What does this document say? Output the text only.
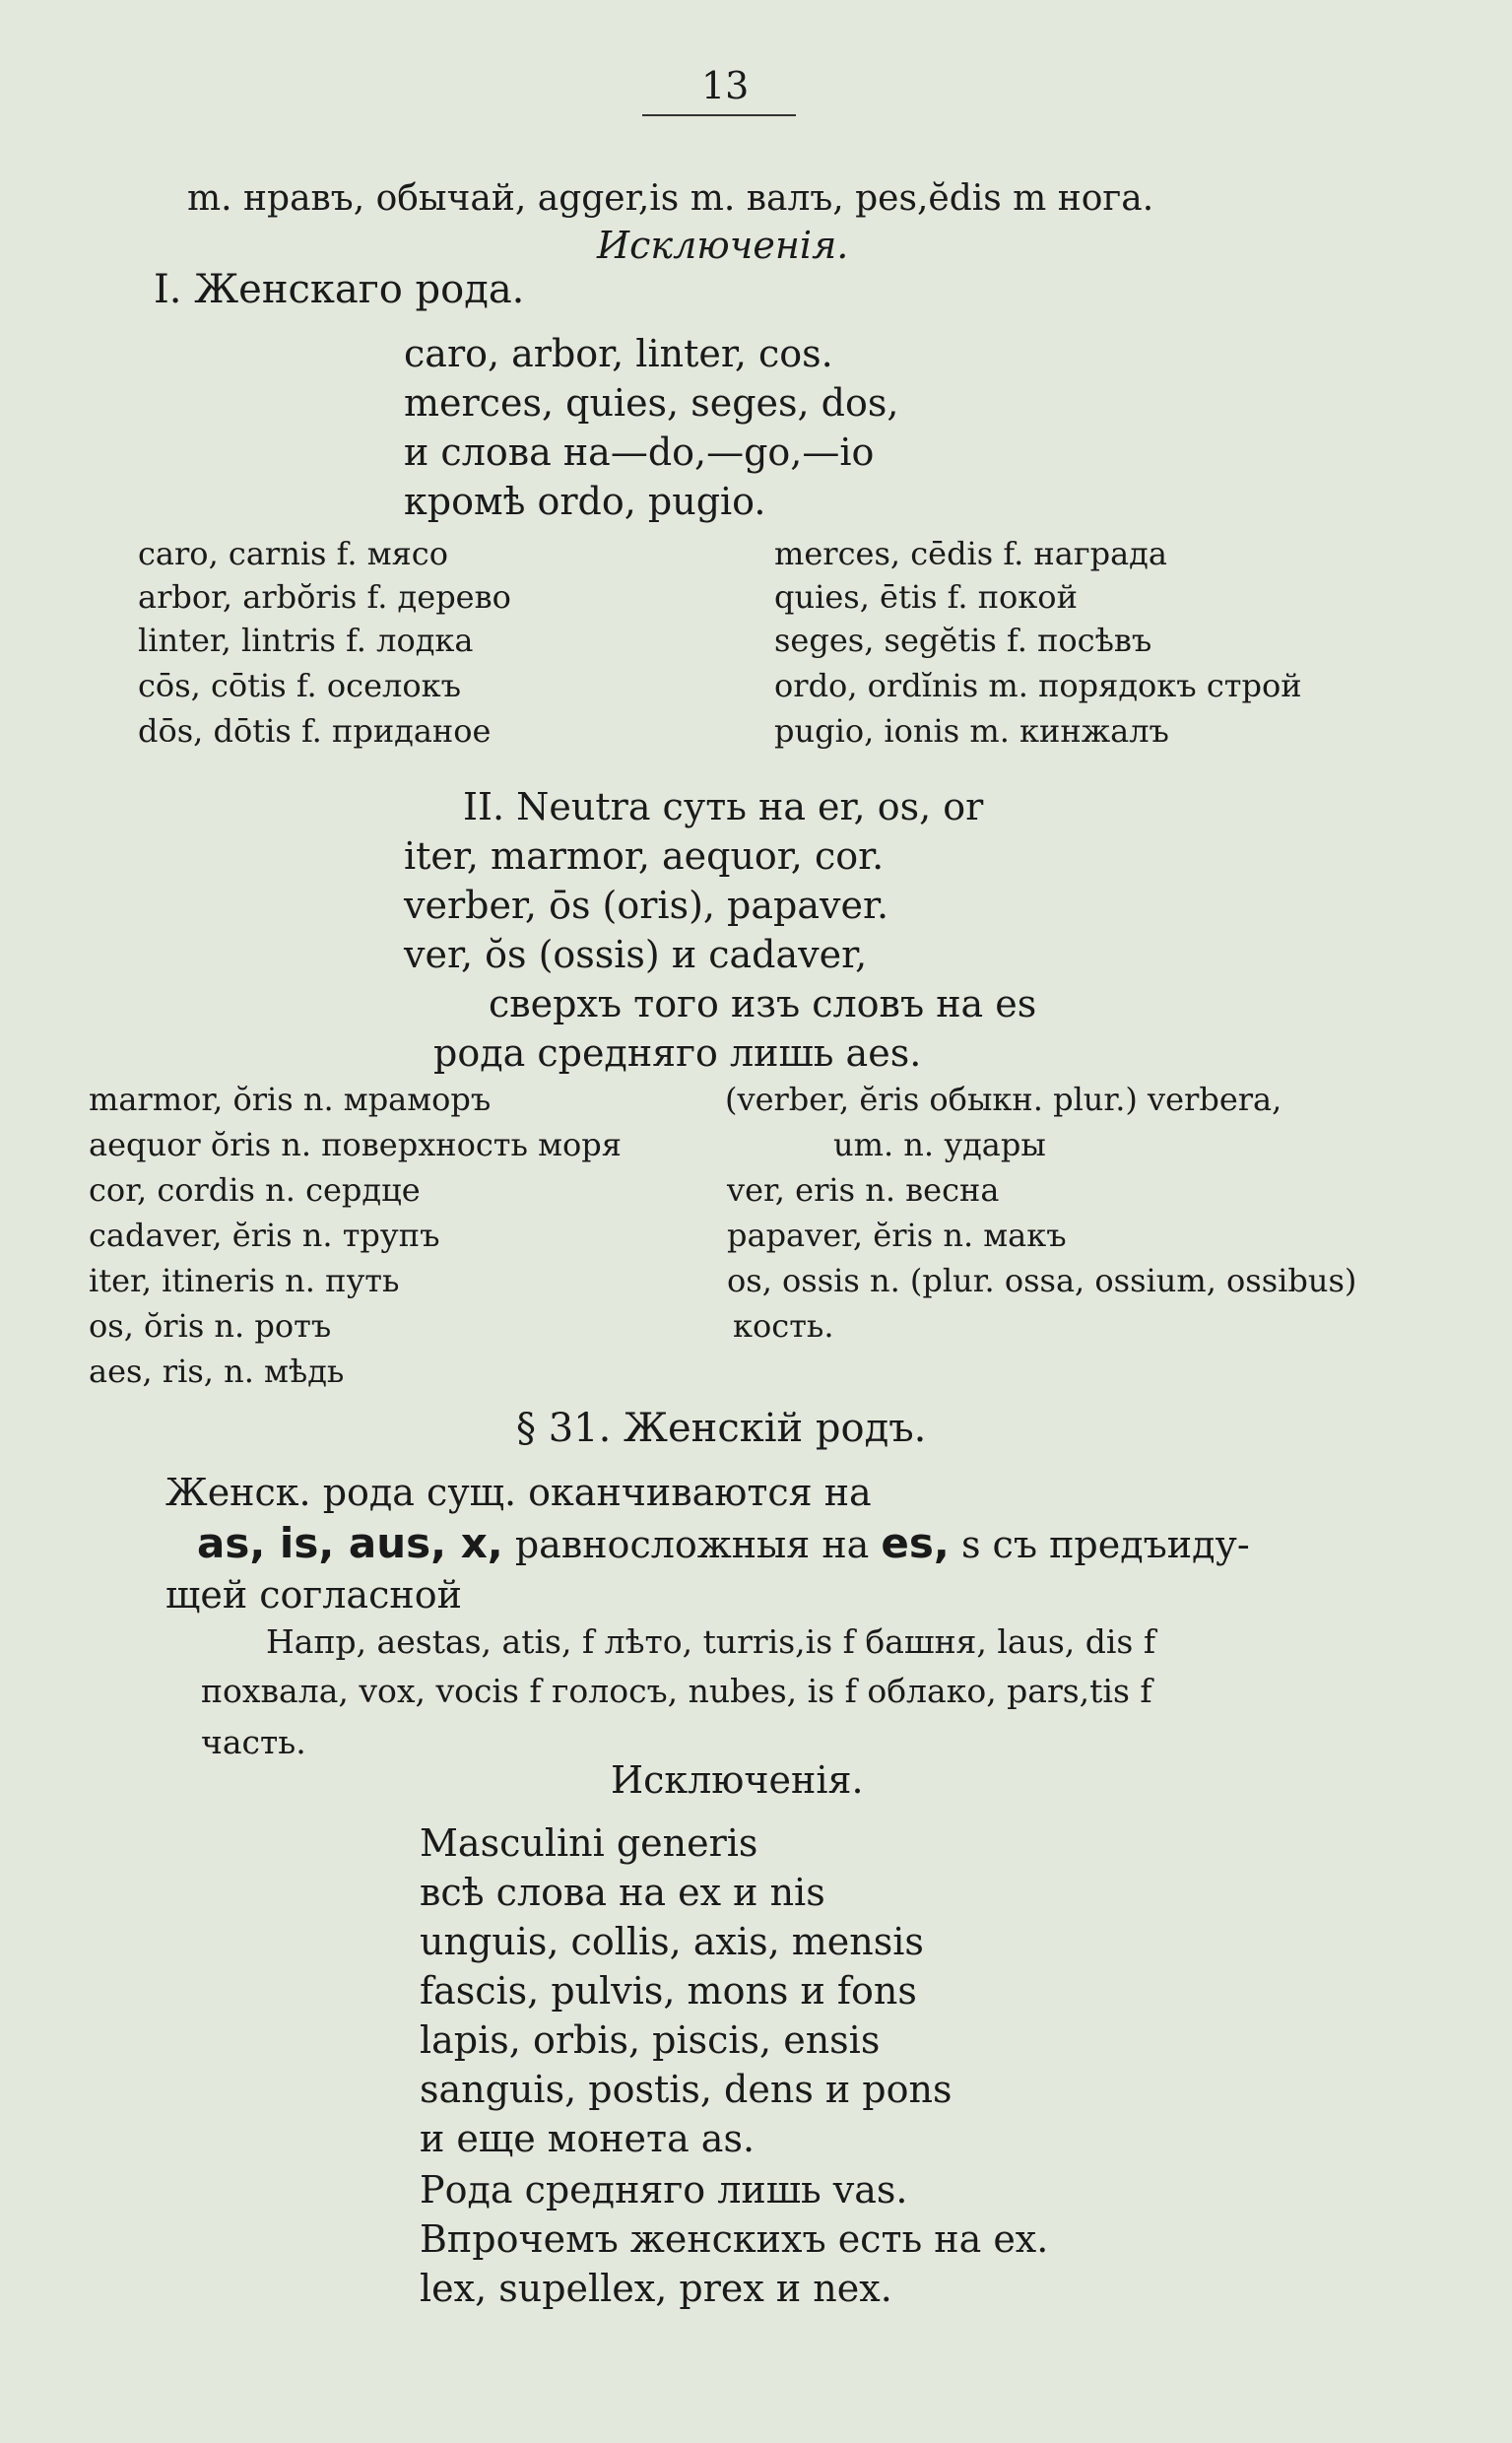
13
m. нравъ, обычай, agger,is m. валъ, pes,ĕdis m нога.
Исключенія.
I. Женскаго рода.
caro, arbor, linter, cos.
merces, quies, seges, dos,
и слова на—do,—go,—io
кромѣ ordo, pugio.
caro, carnis f. мясо
arbor, arbŏris f. дерево
linter, lintris f. лодка
cōs, cōtis f. оселокъ
dōs, dōtis f. приданое
merces, cēdis f. награда
quies, ētis f. покой
seges, segĕtis f. посѣвъ
ordo, ordĭnis m. порядокъ строй
pugio, ionis m. кинжалъ
II. Neutra суть на er, os, or
iter, marmor, aequor, cor.
verber, ōs (oris), papaver.
ver, ŏs (ossis) и cadaver,
сверхъ того изъ словъ на es
рода средняго лишь aes.
marmor, ŏris n. мраморъ
aequor ŏris n. поверхность моря
cor, cordis n. сердце
cadaver, ĕris n. трупъ
iter, itineris n. путь
os, ŏris n. ротъ
aes, ris, n. мѣдь
(verber, ĕris обыкн. plur.) verbera,
um. n. удары
ver, eris n. весна
papaver, ĕris n. макъ
os, ossis n. (plur. ossa, ossium, ossibus)
кость.
§ 31. Женскій родъ.
Женск. рода сущ. оканчиваются на
as, is, aus, x, равносложныя на es, s съ предъиду-
щей согласной
Напр, aestas, atis, f лѣто, turris,is f башня, laus, dis f
похвала, vox, vocis f голосъ, nubes, is f облако, pars,tis f
часть.
Исключенія.
Masculini generis
всѣ слова на ex и nis
unguis, collis, axis, mensis
fascis, pulvis, mons и fons
lapis, orbis, piscis, ensis
sanguis, postis, dens и pons
и еще монета as.
Рода средняго лишь vas.
Впрочемъ женскихъ есть на ex.
lex, supellex, prex и nex.
